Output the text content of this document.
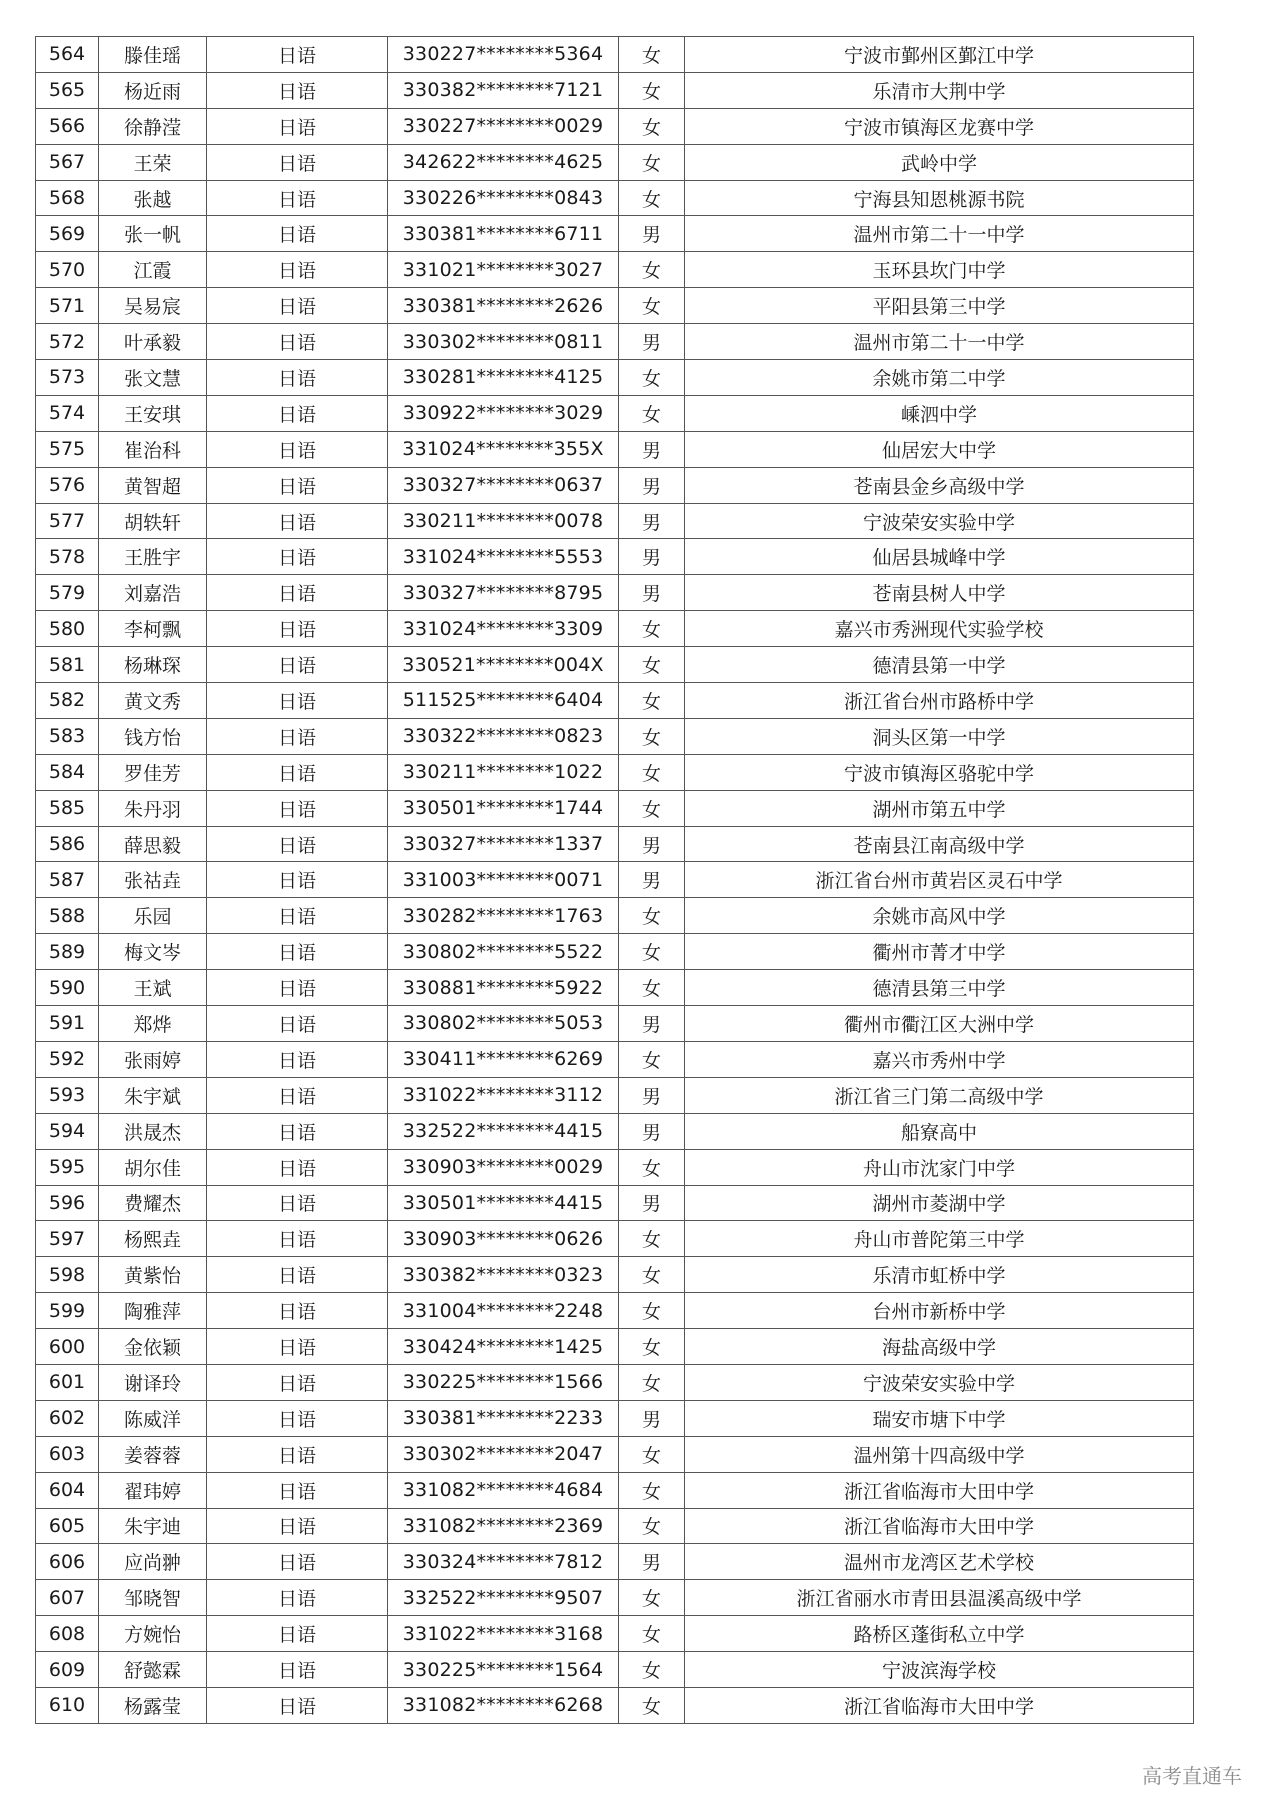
564	滕佳瑶	日语	330227********5364	女	宁波市鄞州区鄞江中学
565	杨近雨	日语	330382********7121	女	乐清市大荆中学
566	徐静滢	日语	330227********0029	女	宁波市镇海区龙赛中学
567	王荣	日语	342622********4625	女	武岭中学
568	张越	日语	330226********0843	女	宁海县知恩桃源书院
569	张一帆	日语	330381********6711	男	温州市第二十一中学
570	江霞	日语	331021********3027	女	玉环县坎门中学
571	吴易宸	日语	330381********2626	女	平阳县第三中学
572	叶承毅	日语	330302********0811	男	温州市第二十一中学
573	张文慧	日语	330281********4125	女	余姚市第二中学
574	王安琪	日语	330922********3029	女	嵊泗中学
575	崔治科	日语	331024********355X	男	仙居宏大中学
576	黄智超	日语	330327********0637	男	苍南县金乡高级中学
577	胡轶轩	日语	330211********0078	男	宁波荣安实验中学
578	王胜宇	日语	331024********5553	男	仙居县城峰中学
579	刘嘉浩	日语	330327********8795	男	苍南县树人中学
580	李柯飘	日语	331024********3309	女	嘉兴市秀洲现代实验学校
581	杨琳琛	日语	330521********004X	女	德清县第一中学
582	黄文秀	日语	511525********6404	女	浙江省台州市路桥中学
583	钱方怡	日语	330322********0823	女	洞头区第一中学
584	罗佳芳	日语	330211********1022	女	宁波市镇海区骆驼中学
585	朱丹羽	日语	330501********1744	女	湖州市第五中学
586	薛思毅	日语	330327********1337	男	苍南县江南高级中学
587	张祜垚	日语	331003********0071	男	浙江省台州市黄岩区灵石中学
588	乐园	日语	330282********1763	女	余姚市高风中学
589	梅文岑	日语	330802********5522	女	衢州市菁才中学
590	王斌	日语	330881********5922	女	德清县第三中学
591	郑烨	日语	330802********5053	男	衢州市衢江区大洲中学
592	张雨婷	日语	330411********6269	女	嘉兴市秀州中学
593	朱宇斌	日语	331022********3112	男	浙江省三门第二高级中学
594	洪晟杰	日语	332522********4415	男	船寮高中
595	胡尔佳	日语	330903********0029	女	舟山市沈家门中学
596	费耀杰	日语	330501********4415	男	湖州市菱湖中学
597	杨熙垚	日语	330903********0626	女	舟山市普陀第三中学
598	黄紫怡	日语	330382********0323	女	乐清市虹桥中学
599	陶雅萍	日语	331004********2248	女	台州市新桥中学
600	金依颖	日语	330424********1425	女	海盐高级中学
601	谢译玲	日语	330225********1566	女	宁波荣安实验中学
602	陈威洋	日语	330381********2233	男	瑞安市塘下中学
603	姜蓉蓉	日语	330302********2047	女	温州第十四高级中学
604	翟玮婷	日语	331082********4684	女	浙江省临海市大田中学
605	朱宇迪	日语	331082********2369	女	浙江省临海市大田中学
606	应尚翀	日语	330324********7812	男	温州市龙湾区艺术学校
607	邹晓智	日语	332522********9507	女	浙江省丽水市青田县温溪高级中学
608	方婉怡	日语	331022********3168	女	路桥区蓬街私立中学
609	舒懿霖	日语	330225********1564	女	宁波滨海学校
610	杨露莹	日语	331082********6268	女	浙江省临海市大田中学
高考直通车
